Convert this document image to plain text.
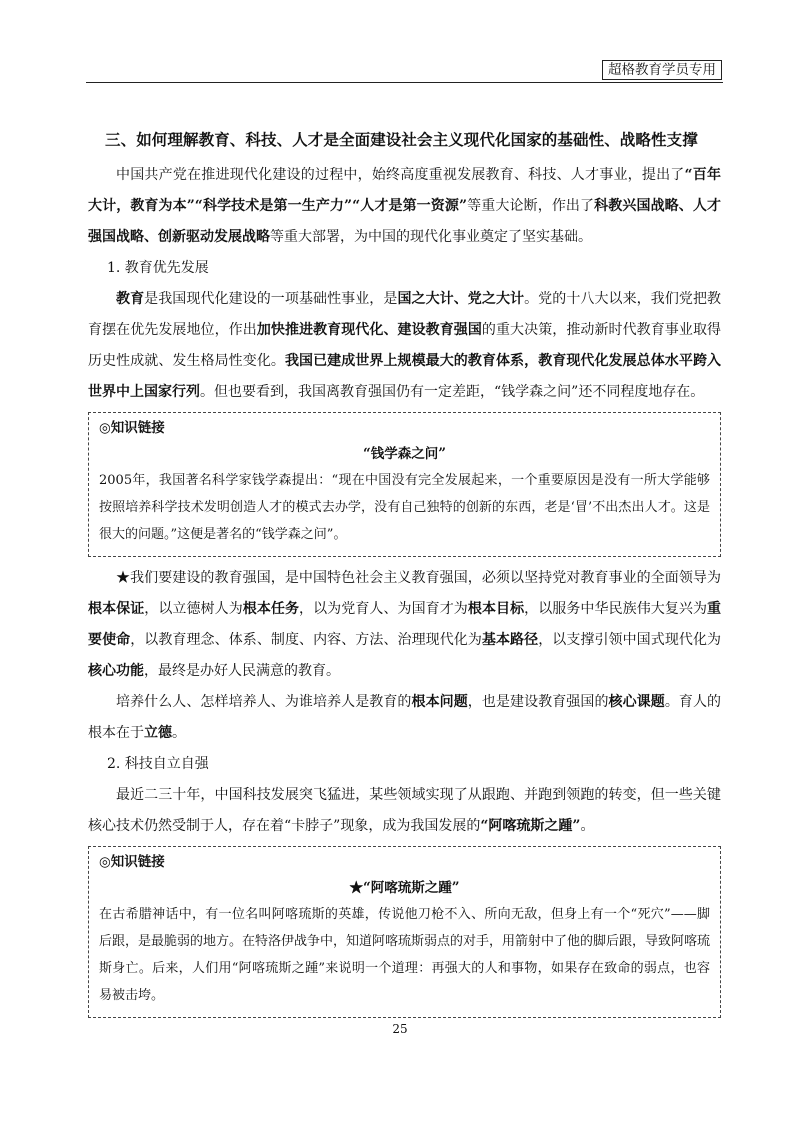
超格教育学员专用
三、如何理解教育、科技、人才是全面建设社会主义现代化国家的基础性、战略性支撑

中国共产党在推进现代化建设的过程中，始终高度重视发展教育、科技、人才事业，提出了“百年大计，教育为本”“科学技术是第一生产力”“人才是第一资源”等重大论断，作出了科教兴国战略、人才强国战略、创新驱动发展战略等重大部署，为中国的现代化事业奠定了坚实基础。

1. 教育优先发展

教育是我国现代化建设的一项基础性事业，是国之大计、党之大计。党的十八大以来，我们党把教育摆在优先发展地位，作出加快推进教育现代化、建设教育强国的重大决策，推动新时代教育事业取得历史性成就、发生格局性变化。我国已建成世界上规模最大的教育体系，教育现代化发展总体水平跨入世界中上国家行列。但也要看到，我国离教育强国仍有一定差距，“钱学森之问”还不同程度地存在。

◎知识链接
“钱学森之问”

2005年，我国著名科学家钱学森提出：“现在中国没有完全发展起来，一个重要原因是没有一所大学能够按照培养科学技术发明创造人才的模式去办学，没有自己独特的创新的东西，老是‘冒’不出杰出人才。这是很大的问题。”这便是著名的“钱学森之问”。

★我们要建设的教育强国，是中国特色社会主义教育强国，必须以坚持党对教育事业的全面领导为根本保证，以立德树人为根本任务，以为党育人、为国育才为根本目标，以服务中华民族伟大复兴为重要使命，以教育理念、体系、制度、内容、方法、治理现代化为基本路径，以支撑引领中国式现代化为核心功能，最终是办好人民满意的教育。

培养什么人、怎样培养人、为谁培养人是教育的根本问题，也是建设教育强国的核心课题。育人的根本在于立德。

2. 科技自立自强

最近二三十年，中国科技发展突飞猛进，某些领域实现了从跟跑、并跑到领跑的转变，但一些关键核心技术仍然受制于人，存在着“卡脖子”现象，成为我国发展的“阿喀琉斯之踵”。

◎知识链接
★“阿喀琉斯之踵”

在古希腊神话中，有一位名叫阿喀琉斯的英雄，传说他刀枪不入、所向无敌，但身上有一个“死穴”——脚后跟，是最脆弱的地方。在特洛伊战争中，知道阿喀琉斯弱点的对手，用箭射中了他的脚后跟，导致阿喀琉斯身亡。后来，人们用“阿喀琉斯之踵”来说明一个道理：再强大的人和事物，如果存在致命的弱点，也容易被击垮。

25
